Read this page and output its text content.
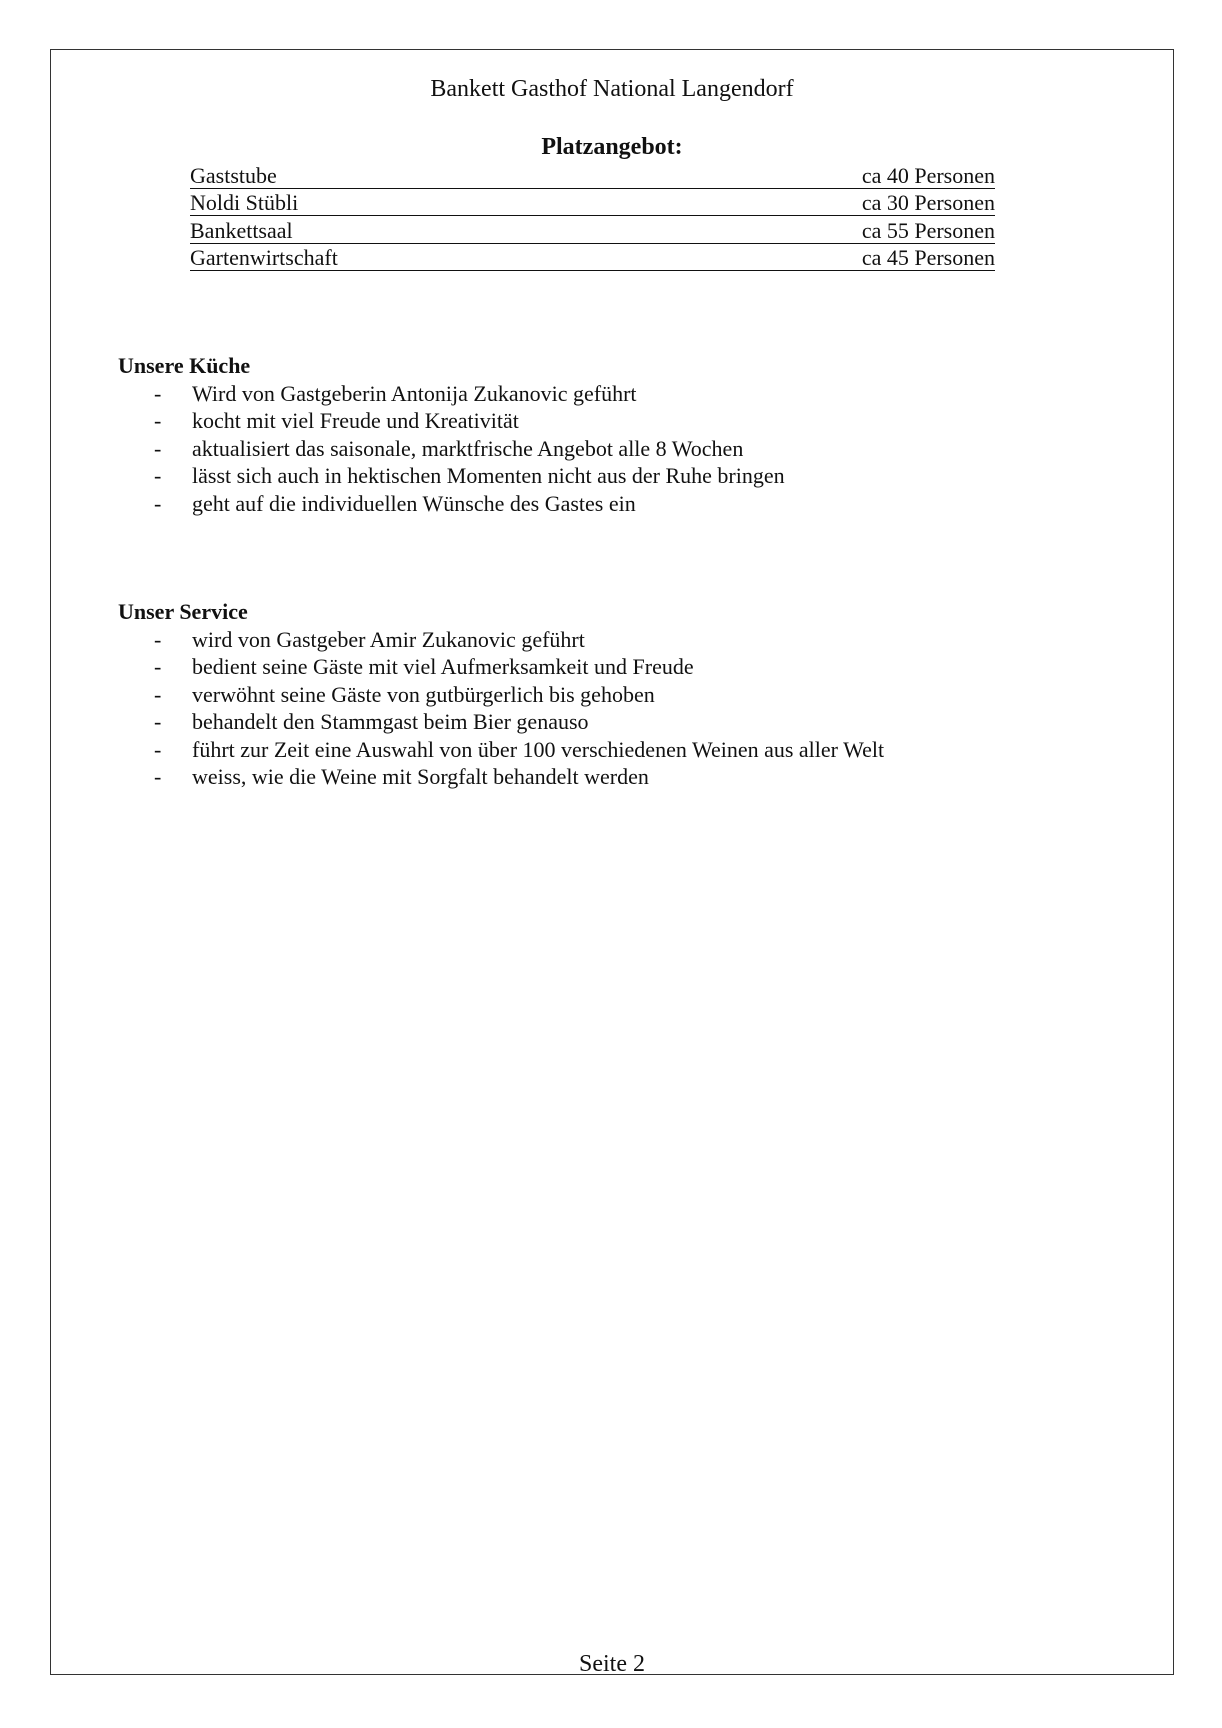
Bankett Gasthof National Langendorf
Platzangebot:
Gaststube	ca 40 Personen
Noldi Stübli	ca 30 Personen
Bankettsaal	ca 55 Personen
Gartenwirtschaft	ca 45 Personen
Unsere Küche
- Wird von Gastgeberin Antonija Zukanovic geführt
- kocht mit viel Freude und Kreativität
- aktualisiert das saisonale, marktfrische Angebot alle 8 Wochen
- lässt sich auch in hektischen Momenten nicht aus der Ruhe bringen
- geht auf die individuellen Wünsche des Gastes ein
Unser Service
- wird von Gastgeber Amir Zukanovic geführt
- bedient seine Gäste mit viel Aufmerksamkeit und Freude
- verwöhnt seine Gäste von gutbürgerlich bis gehoben
- behandelt den Stammgast beim Bier genauso
- führt zur Zeit eine Auswahl von über 100 verschiedenen Weinen aus aller Welt
- weiss, wie die Weine mit Sorgfalt behandelt werden
Seite 2
